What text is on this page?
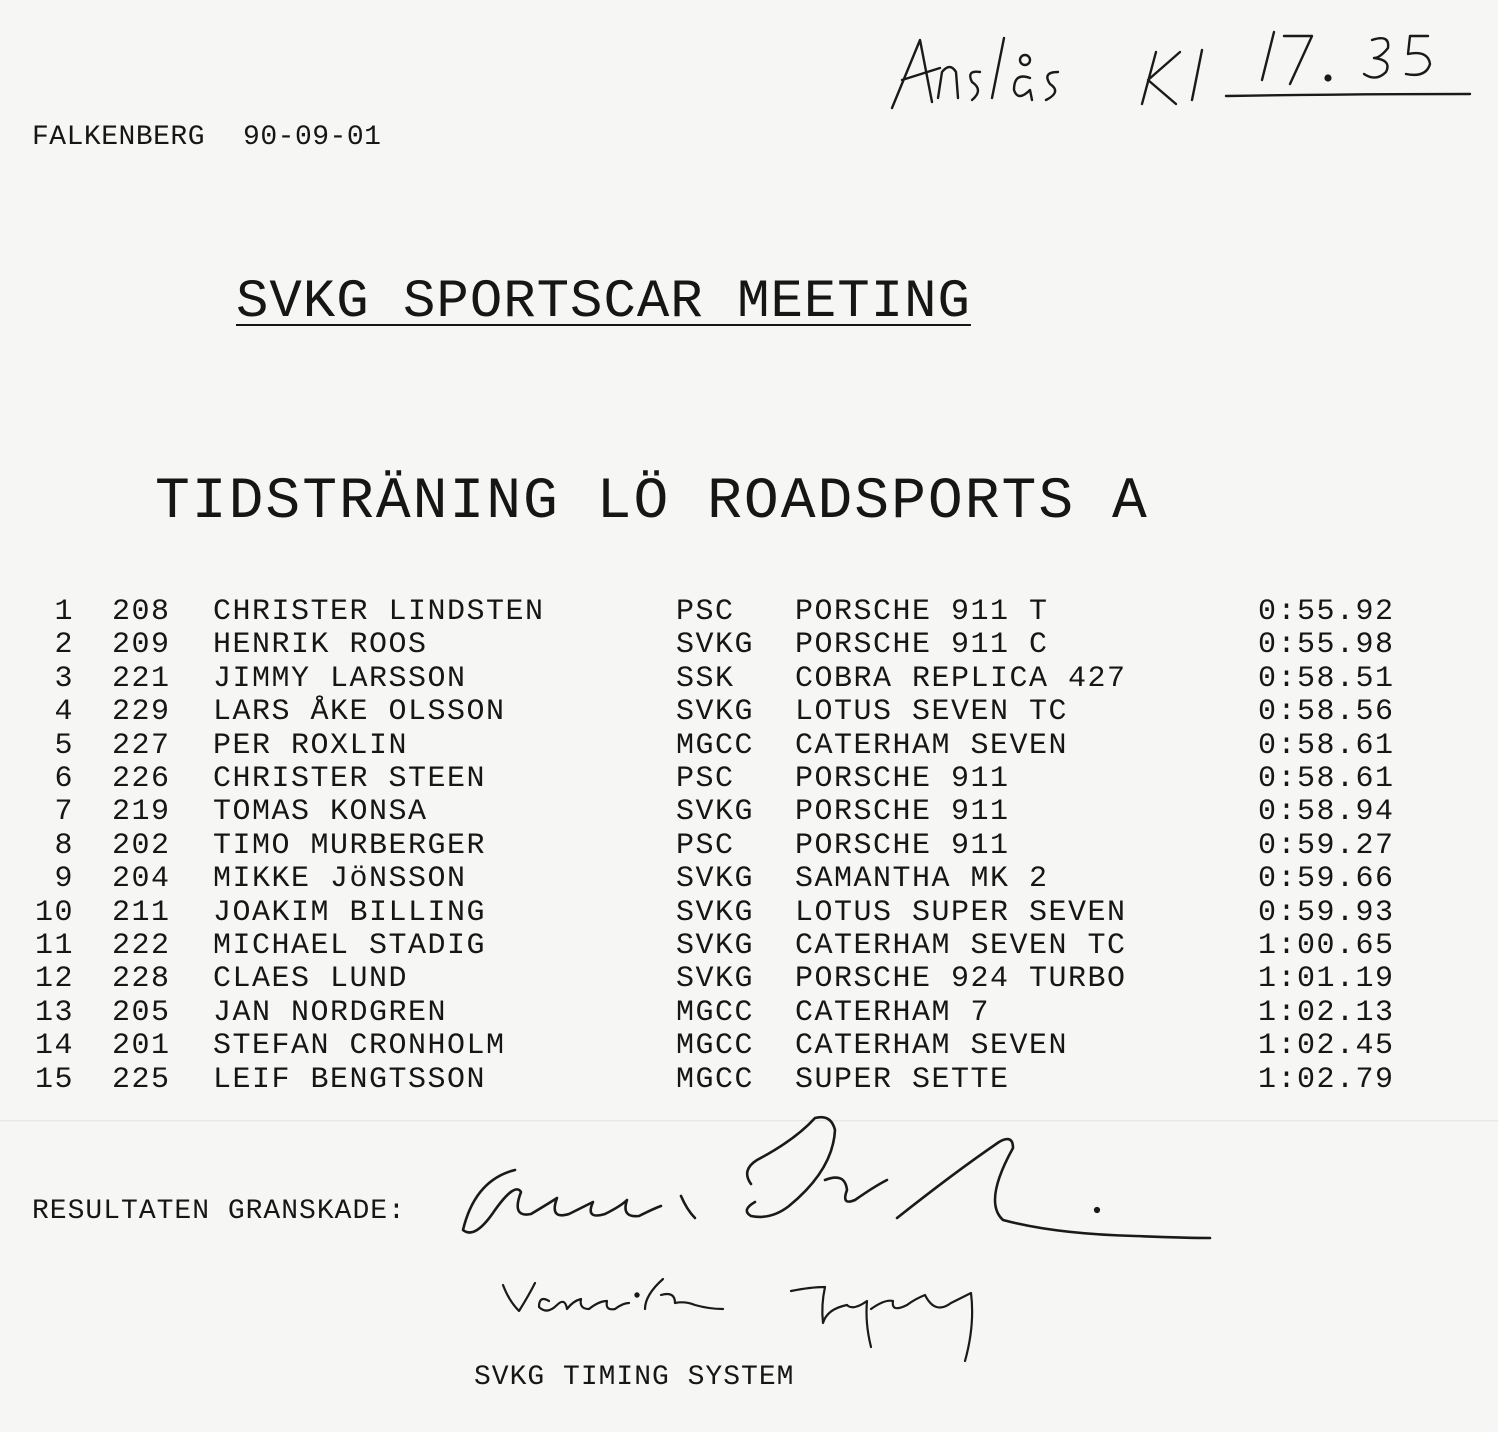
FALKENBERG 90-09-01
SVKG SPORTSCAR MEETING
TIDSTRÄNING LÖ ROADSPORTS A
1 208 CHRISTER LINDSTEN	PSC PORSCHE 911 T	0:55.92
2 209 HENRIK ROOS	SVKG PORSCHE 911 C	0:55.98
3 221 JIMMY LARSSON	SSK COBRA REPLICA 427	0:58.51
4 229 LARS ÅKE OLSSON	SVKG LOTUS SEVEN TC	0:58.56
5 227 PER ROXLIN	MGCC CATERHAM SEVEN	0:58.61
6 226 CHRISTER STEEN	PSC PORSCHE 911	0:58.61
7 219 TOMAS KONSA	SVKG PORSCHE 911	0:58.94
8 202 TIMO MURBERGER	PSC PORSCHE 911	0:59.27
9 204 MIKKE JöNSSON	SVKG SAMANTHA MK 2	0:59.66
10 211 JOAKIM BILLING	SVKG LOTUS SUPER SEVEN	0:59.93
11 222 MICHAEL STADIG	SVKG CATERHAM SEVEN TC	1:00.65
12 228 CLAES LUND	SVKG PORSCHE 924 TURBO	1:01.19
13 205 JAN NORDGREN	MGCC CATERHAM 7	1:02.13
14 201 STEFAN CRONHOLM	MGCC CATERHAM SEVEN	1:02.45
15 225 LEIF BENGTSSON	MGCC SUPER SETTE	1:02.79
RESULTATEN GRANSKADE:
SVKG TIMING SYSTEM
